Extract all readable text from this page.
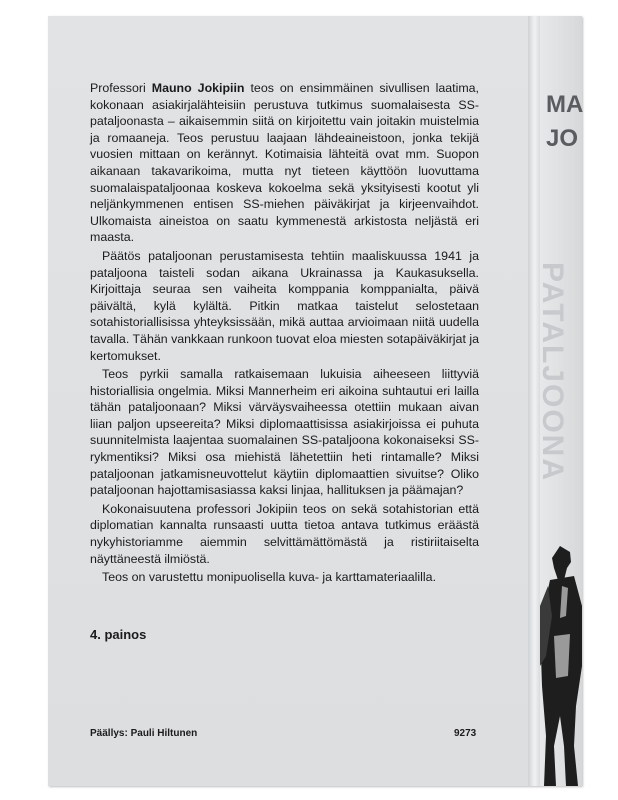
Professori Mauno Jokipiin teos on ensimmäinen sivullisen laatima, kokonaan asiakirjalähteisiin perustuva tutkimus suomalaisesta SS-pataljoonasta – aikaisemmin siitä on kirjoitettu vain joitakin muistelmia ja romaaneja. Teos perustuu laajaan lähdeaineistoon, jonka tekijä vuosien mittaan on kerännyt. Kotimaisia lähteitä ovat mm. Suopon aikanaan takavarikoima, mutta nyt tieteen käyttöön luovuttama suomalaispataljoonaa koskeva kokoelma sekä yksityisesti kootut yli neljänkymmenen entisen SS-miehen päiväkirjat ja kirjeenvaihdot. Ulkomaista aineistoa on saatu kymmenestä arkistosta neljästä eri maasta.

Päätös pataljoonan perustamisesta tehtiin maaliskuussa 1941 ja pataljoona taisteli sodan aikana Ukrainassa ja Kaukasuksella. Kirjoittaja seuraa sen vaiheita komppania komppanialta, päivä päivältä, kylä kylältä. Pitkin matkaa taistelut selostetaan sotahistoriallisissa yhteyksissään, mikä auttaa arvioimaan niitä uudella tavalla. Tähän vankkaan runkoon tuovat eloa miesten sotapäiväkirjat ja kertomukset.

Teos pyrkii samalla ratkaisemaan lukuisia aiheeseen liittyviä historiallisia ongelmia. Miksi Mannerheim eri aikoina suhtautui eri lailla tähän pataljoonaan? Miksi värväysvaiheessa otettiin mukaan aivan liian paljon upseereita? Miksi diplomaattisissa asiakirjoissa ei puhuta suunnitelmista laajentaa suomalainen SS-pataljoona kokonaiseksi SS-rykmentiksi? Miksi osa miehistä lähetettiin heti rintamalle? Miksi pataljoonan jatkamisneuvottelut käytiin diplomaattien sivuitse? Oliko pataljoonan hajottamisasiassa kaksi linjaa, hallituksen ja päämajan?

Kokonaisuutena professori Jokipiin teos on sekä sotahistorian että diplomatian kannalta runsaasti uutta tietoa antava tutkimus eräästä nykyhistoriamme aiemmin selvittämättömästä ja ristiriitaiselta näyttäneestä ilmiöstä.

Teos on varustettu monipuolisella kuva- ja karttamateriaalilla.

4. painos
Päällys: Pauli Hiltunen	9273
MA
JO
PATALJOONA
